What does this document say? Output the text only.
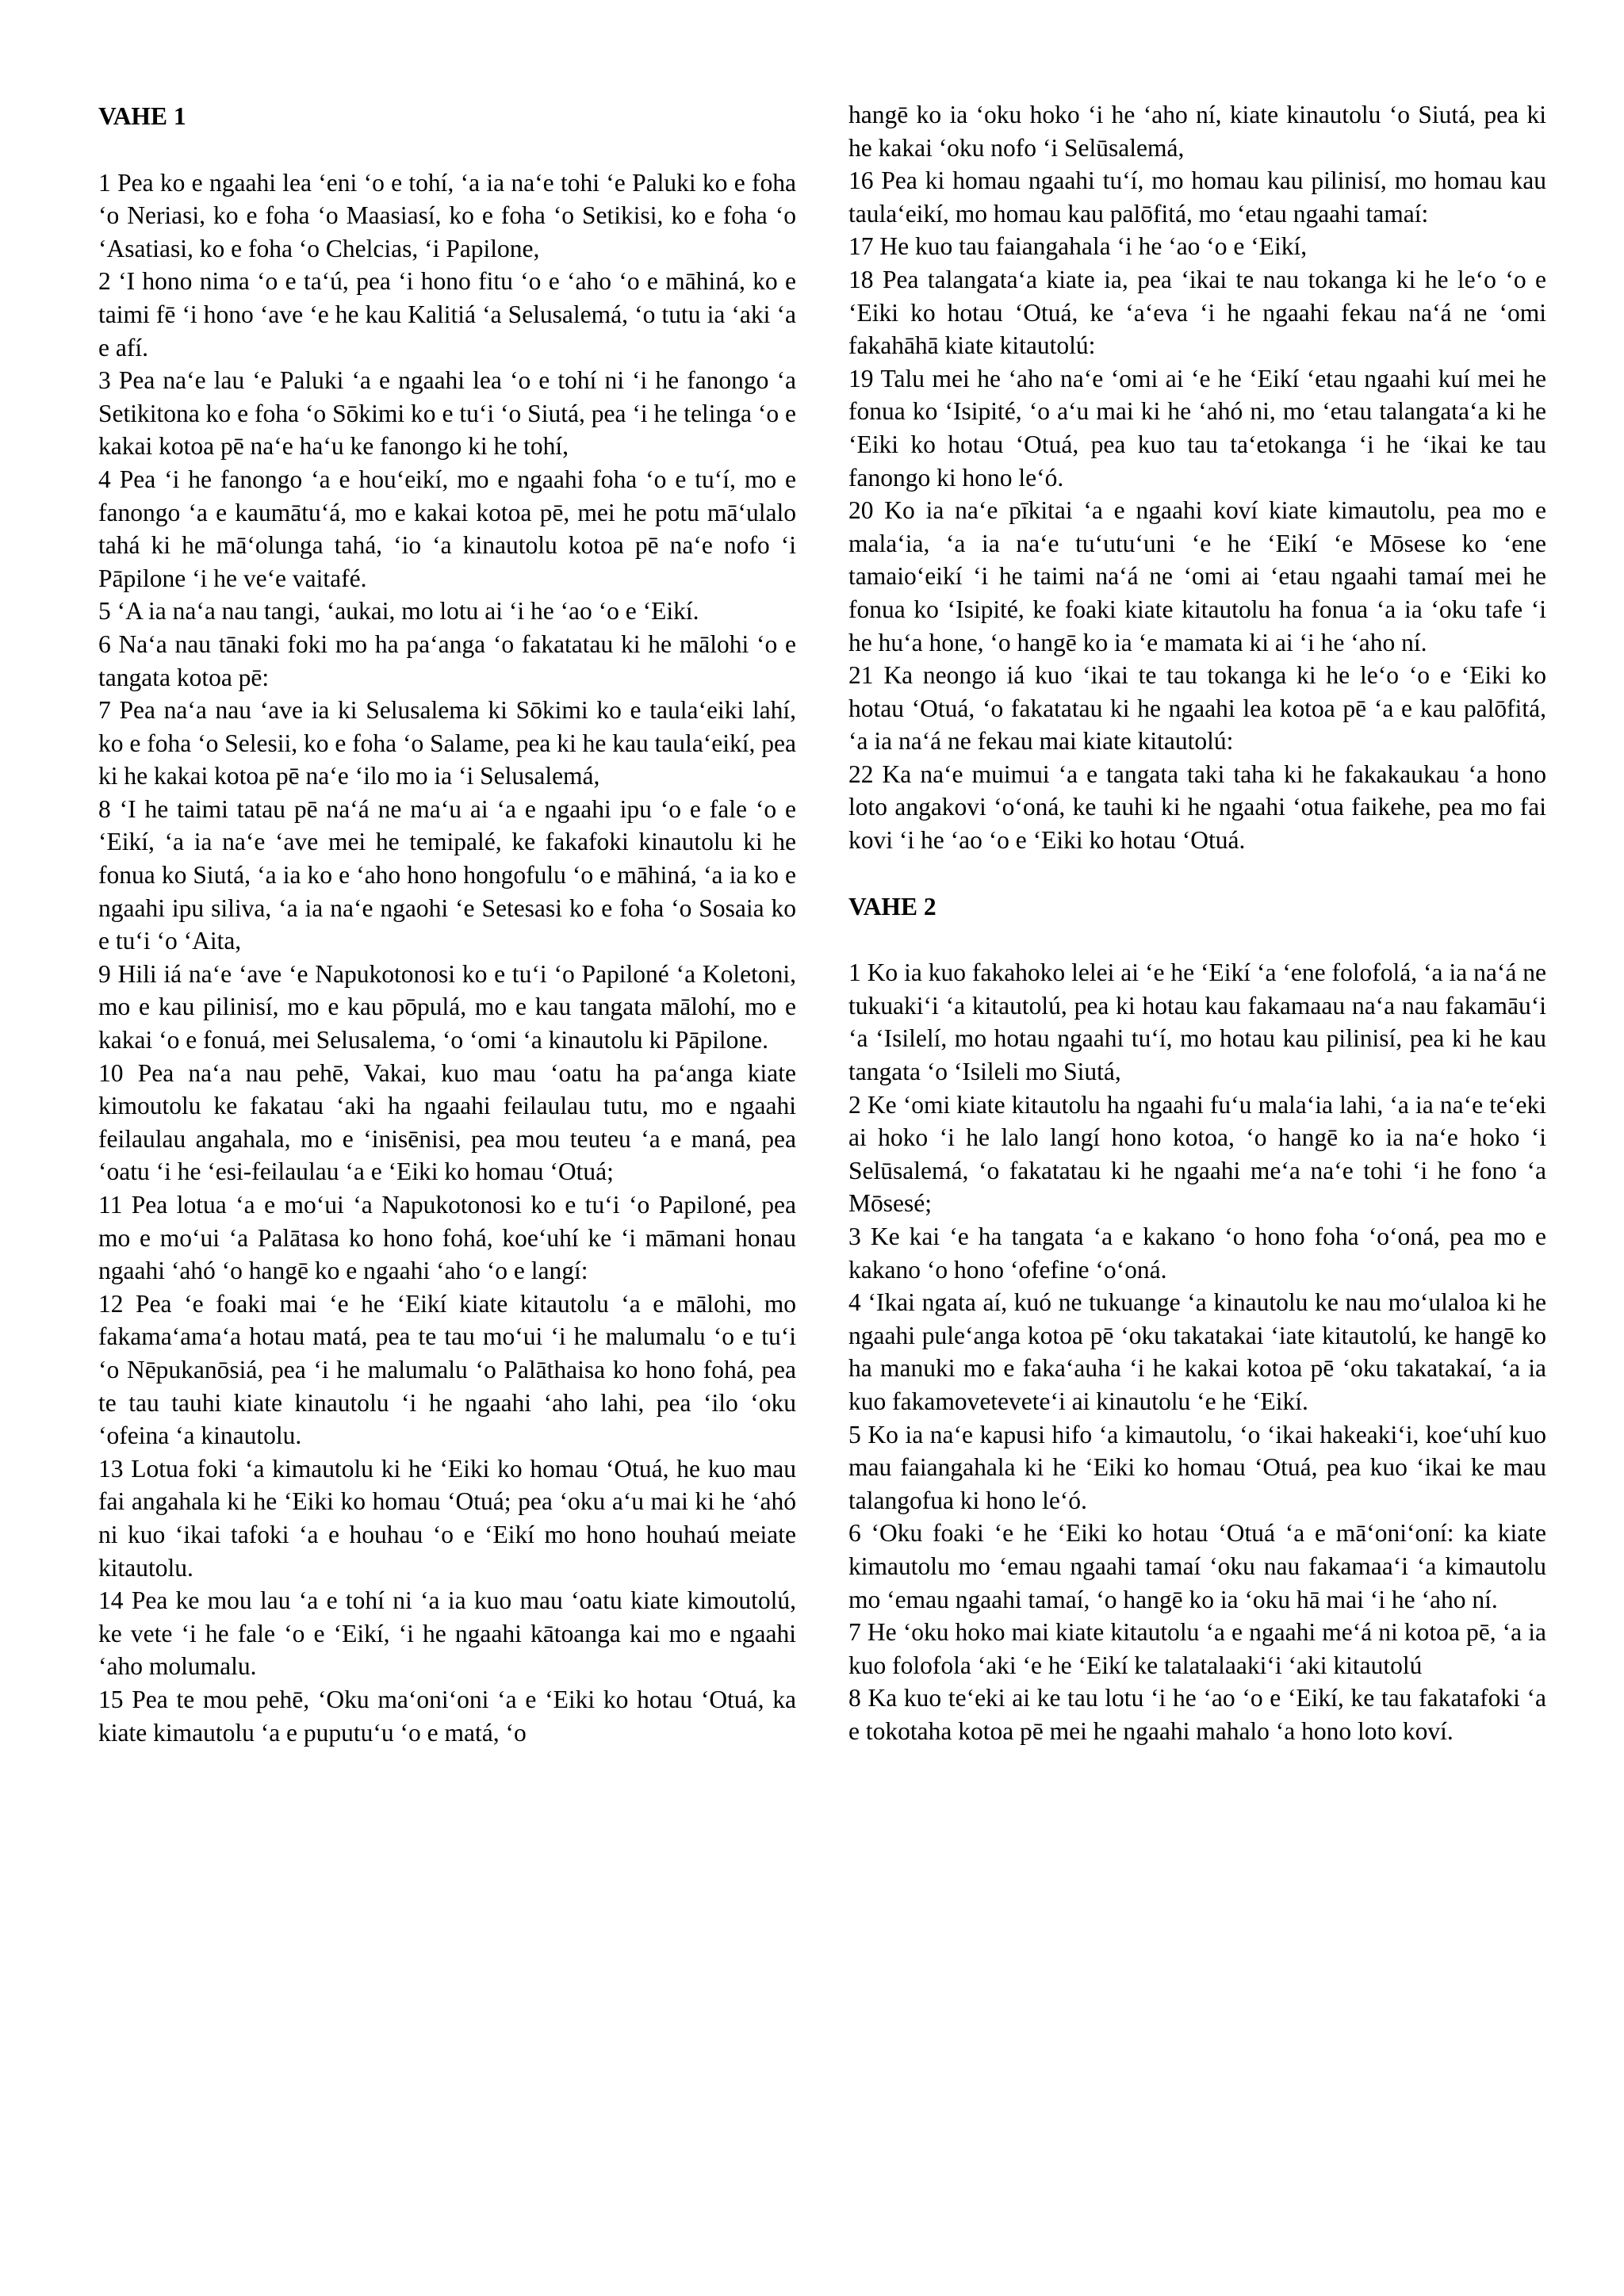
VAHE 1

1 Pea ko e ngaahi lea ‘eni ‘o e tohí, ‘a ia na‘e tohi ‘e Paluki ko e foha ‘o Neriasi, ko e foha ‘o Maasiasí, ko e foha ‘o Setikisi, ko e foha ‘o ‘Asatiasi, ko e foha ‘o Chelcias, ‘i Papilone,

2 ‘I hono nima ‘o e ta‘ú, pea ‘i hono fitu ‘o e ‘aho ‘o e māhiná, ko e taimi fē ‘i hono ‘ave ‘e he kau Kalitiá ‘a Selusalemá, ‘o tutu ia ‘aki ‘a e afí.

3 Pea na‘e lau ‘e Paluki ‘a e ngaahi lea ‘o e tohí ni ‘i he fanongo ‘a Setikitona ko e foha ‘o Sōkimi ko e tu‘i ‘o Siutá, pea ‘i he telinga ‘o e kakai kotoa pē na‘e ha‘u ke fanongo ki he tohí,

4 Pea ‘i he fanongo ‘a e hou‘eikí, mo e ngaahi foha ‘o e tu‘í, mo e fanongo ‘a e kaumātu‘á, mo e kakai kotoa pē, mei he potu mā‘ulalo tahá ki he mā‘olunga tahá, ‘io ‘a kinautolu kotoa pē na‘e nofo ‘i Pāpilone ‘i he ve‘e vaitafé.

5 ‘A ia na‘a nau tangi, ‘aukai, mo lotu ai ‘i he ‘ao ‘o e ‘Eikí.

6 Na‘a nau tānaki foki mo ha pa‘anga ‘o fakatatau ki he mālohi ‘o e tangata kotoa pē:

7 Pea na‘a nau ‘ave ia ki Selusalema ki Sōkimi ko e taula‘eiki lahí, ko e foha ‘o Selesii, ko e foha ‘o Salame, pea ki he kau taula‘eikí, pea ki he kakai kotoa pē na‘e ‘ilo mo ia ‘i Selusalemá,

8 ‘I he taimi tatau pē na‘á ne ma‘u ai ‘a e ngaahi ipu ‘o e fale ‘o e ‘Eikí, ‘a ia na‘e ‘ave mei he temipalé, ke fakafoki kinautolu ki he fonua ko Siutá, ‘a ia ko e ‘aho hono hongofulu ‘o e māhiná, ‘a ia ko e ngaahi ipu siliva, ‘a ia na‘e ngaohi ‘e Setesasi ko e foha ‘o Sosaia ko e tu‘i ‘o ‘Aita,

9 Hili iá na‘e ‘ave ‘e Napukotonosi ko e tu‘i ‘o Papiloné ‘a Koletoni, mo e kau pilinisí, mo e kau pōpulá, mo e kau tangata mālohí, mo e kakai ‘o e fonuá, mei Selusalema, ‘o ‘omi ‘a kinautolu ki Pāpilone.

10 Pea na‘a nau pehē, Vakai, kuo mau ‘oatu ha pa‘anga kiate kimoutolu ke fakatau ‘aki ha ngaahi feilaulau tutu, mo e ngaahi feilaulau angahala, mo e ‘inisēnisi, pea mou teuteu ‘a e maná, pea ‘oatu ‘i he ‘esi-feilaulau ‘a e ‘Eiki ko homau ‘Otuá;

11 Pea lotua ‘a e mo‘ui ‘a Napukotonosi ko e tu‘i ‘o Papiloné, pea mo e mo‘ui ‘a Palātasa ko hono fohá, koe‘uhí ke ‘i māmani honau ngaahi ‘ahó ‘o hangē ko e ngaahi ‘aho ‘o e langí:

12 Pea ‘e foaki mai ‘e he ‘Eikí kiate kitautolu ‘a e mālohi, mo fakama‘ama‘a hotau matá, pea te tau mo‘ui ‘i he malumalu ‘o e tu‘i ‘o Nēpukanōsiá, pea ‘i he malumalu ‘o Palāthaisa ko hono fohá, pea te tau tauhi kiate kinautolu ‘i he ngaahi ‘aho lahi, pea ‘ilo ‘oku ‘ofeina ‘a kinautolu.

13 Lotua foki ‘a kimautolu ki he ‘Eiki ko homau ‘Otuá, he kuo mau fai angahala ki he ‘Eiki ko homau ‘Otuá; pea ‘oku a‘u mai ki he ‘ahó ni kuo ‘ikai tafoki ‘a e houhau ‘o e ‘Eikí mo hono houhaú meiate kitautolu.

14 Pea ke mou lau ‘a e tohí ni ‘a ia kuo mau ‘oatu kiate kimoutolú, ke vete ‘i he fale ‘o e ‘Eikí, ‘i he ngaahi kātoanga kai mo e ngaahi ‘aho molumalu.

15 Pea te mou pehē, ‘Oku ma‘oni‘oni ‘a e ‘Eiki ko hotau ‘Otuá, ka kiate kimautolu ‘a e puputu‘u ‘o e matá, ‘o

hangē ko ia ‘oku hoko ‘i he ‘aho ní, kiate kinautolu ‘o Siutá, pea ki he kakai ‘oku nofo ‘i Selūsalemá,

16 Pea ki homau ngaahi tu‘í, mo homau kau pilinisí, mo homau kau taula‘eikí, mo homau kau palōfitá, mo ‘etau ngaahi tamaí:

17 He kuo tau faiangahala ‘i he ‘ao ‘o e ‘Eikí,

18 Pea talangata‘a kiate ia, pea ‘ikai te nau tokanga ki he le‘o ‘o e ‘Eiki ko hotau ‘Otuá, ke ‘a‘eva ‘i he ngaahi fekau na‘á ne ‘omi fakahāhā kiate kitautolú:

19 Talu mei he ‘aho na‘e ‘omi ai ‘e he ‘Eikí ‘etau ngaahi kuí mei he fonua ko ‘Isipité, ‘o a‘u mai ki he ‘ahó ni, mo ‘etau talangata‘a ki he ‘Eiki ko hotau ‘Otuá, pea kuo tau ta‘etokanga ‘i he ‘ikai ke tau fanongo ki hono le‘ó.

20 Ko ia na‘e pīkitai ‘a e ngaahi koví kiate kimautolu, pea mo e mala‘ia, ‘a ia na‘e tu‘utu‘uni ‘e he ‘Eikí ‘e Mōsese ko ‘ene tamaio‘eikí ‘i he taimi na‘á ne ‘omi ai ‘etau ngaahi tamaí mei he fonua ko ‘Isipité, ke foaki kiate kitautolu ha fonua ‘a ia ‘oku tafe ‘i he hu‘a hone, ‘o hangē ko ia ‘e mamata ki ai ‘i he ‘aho ní.

21 Ka neongo iá kuo ‘ikai te tau tokanga ki he le‘o ‘o e ‘Eiki ko hotau ‘Otuá, ‘o fakatatau ki he ngaahi lea kotoa pē ‘a e kau palōfitá, ‘a ia na‘á ne fekau mai kiate kitautolú:

22 Ka na‘e muimui ‘a e tangata taki taha ki he fakakaukau ‘a hono loto angakovi ‘o‘oná, ke tauhi ki he ngaahi ‘otua faikehe, pea mo fai kovi ‘i he ‘ao ‘o e ‘Eiki ko hotau ‘Otuá.

VAHE 2

1 Ko ia kuo fakahoko lelei ai ‘e he ‘Eikí ‘a ‘ene folofolá, ‘a ia na‘á ne tukuaki‘i ‘a kitautolú, pea ki hotau kau fakamaau na‘a nau fakamāu‘i ‘a ‘Isilelí, mo hotau ngaahi tu‘í, mo hotau kau pilinisí, pea ki he kau tangata ‘o ‘Isileli mo Siutá,

2 Ke ‘omi kiate kitautolu ha ngaahi fu‘u mala‘ia lahi, ‘a ia na‘e te‘eki ai hoko ‘i he lalo langí hono kotoa, ‘o hangē ko ia na‘e hoko ‘i Selūsalemá, ‘o fakatatau ki he ngaahi me‘a na‘e tohi ‘i he fono ‘a Mōsesé;

3 Ke kai ‘e ha tangata ‘a e kakano ‘o hono foha ‘o‘oná, pea mo e kakano ‘o hono ‘ofefine ‘o‘oná.

4 ‘Ikai ngata aí, kuó ne tukuange ‘a kinautolu ke nau mo‘ulaloa ki he ngaahi pule‘anga kotoa pē ‘oku takatakai ‘iate kitautolú, ke hangē ko ha manuki mo e faka‘auha ‘i he kakai kotoa pē ‘oku takatakaí, ‘a ia kuo fakamovetevete‘i ai kinautolu ‘e he ‘Eikí.

5 Ko ia na‘e kapusi hifo ‘a kimautolu, ‘o ‘ikai hakeaki‘i, koe‘uhí kuo mau faiangahala ki he ‘Eiki ko homau ‘Otuá, pea kuo ‘ikai ke mau talangofua ki hono le‘ó.

6 ‘Oku foaki ‘e he ‘Eiki ko hotau ‘Otuá ‘a e mā‘oni‘oní: ka kiate kimautolu mo ‘emau ngaahi tamaí ‘oku nau fakamaa‘i ‘a kimautolu mo ‘emau ngaahi tamaí, ‘o hangē ko ia ‘oku hā mai ‘i he ‘aho ní.

7 He ‘oku hoko mai kiate kitautolu ‘a e ngaahi me‘á ni kotoa pē, ‘a ia kuo folofola ‘aki ‘e he ‘Eikí ke talatalaaki‘i ‘aki kitautolú

8 Ka kuo te‘eki ai ke tau lotu ‘i he ‘ao ‘o e ‘Eikí, ke tau fakatafoki ‘a e tokotaha kotoa pē mei he ngaahi mahalo ‘a hono loto koví.
